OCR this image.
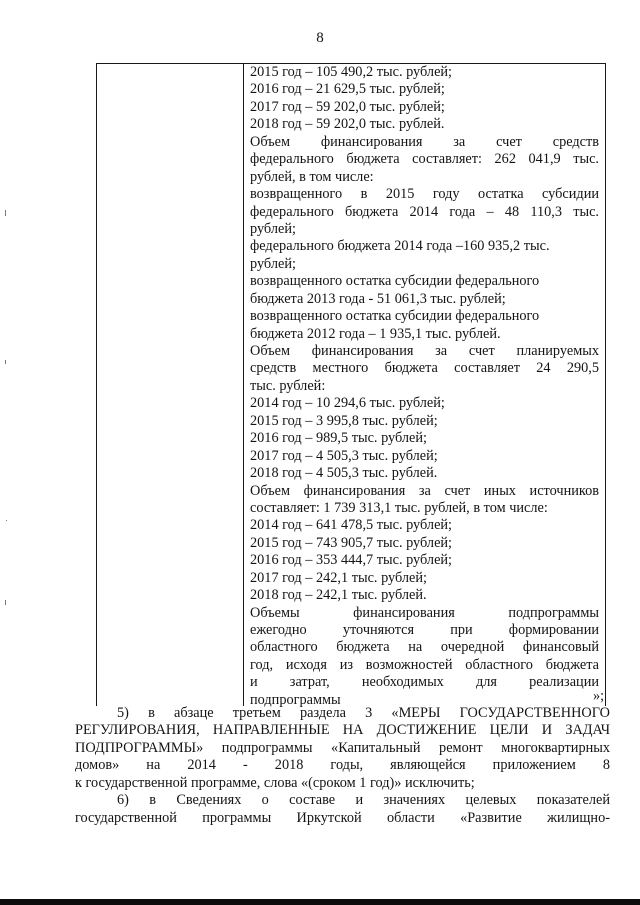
8
2015 год – 105 490,2 тыс. рублей;
2016 год – 21 629,5 тыс. рублей;
2017 год – 59 202,0 тыс. рублей;
2018 год – 59 202,0 тыс. рублей.
Объем финансирования за счет средств
федерального бюджета составляет: 262 041,9 тыс.
рублей, в том числе:
возвращенного в 2015 году остатка субсидии
федерального бюджета 2014 года – 48 110,3 тыс.
рублей;
федерального бюджета 2014 года –160 935,2 тыс.
рублей;
возвращенного остатка субсидии федерального
бюджета 2013 года - 51 061,3 тыс. рублей;
возвращенного остатка субсидии федерального
бюджета 2012 года – 1 935,1 тыс. рублей.
Объем финансирования за счет планируемых
средств местного бюджета составляет 24 290,5
тыс. рублей:
2014 год – 10 294,6 тыс. рублей;
2015 год – 3 995,8 тыс. рублей;
2016 год – 989,5 тыс. рублей;
2017 год – 4 505,3 тыс. рублей;
2018 год – 4 505,3 тыс. рублей.
Объем финансирования за счет иных источников
составляет: 1 739 313,1 тыс. рублей, в том числе:
2014 год – 641 478,5 тыс. рублей;
2015 год – 743 905,7 тыс. рублей;
2016 год – 353 444,7 тыс. рублей;
2017 год – 242,1 тыс. рублей;
2018 год – 242,1 тыс. рублей.
Объемы финансирования подпрограммы
ежегодно уточняются при формировании
областного бюджета на очередной финансовый
год, исходя из возможностей областного бюджета
и затрат, необходимых для реализации
подпрограммы	»;
5) в абзаце третьем раздела 3 «МЕРЫ ГОСУДАРСТВЕННОГО
РЕГУЛИРОВАНИЯ, НАПРАВЛЕННЫЕ НА ДОСТИЖЕНИЕ ЦЕЛИ И ЗАДАЧ
ПОДПРОГРАММЫ» подпрограммы «Капитальный ремонт многоквартирных
домов» на 2014 - 2018 годы, являющейся приложением 8
к государственной программе, слова «(сроком 1 год)» исключить;
6) в Сведениях о составе и значениях целевых показателей
государственной программы Иркутской области «Развитие жилищно-
